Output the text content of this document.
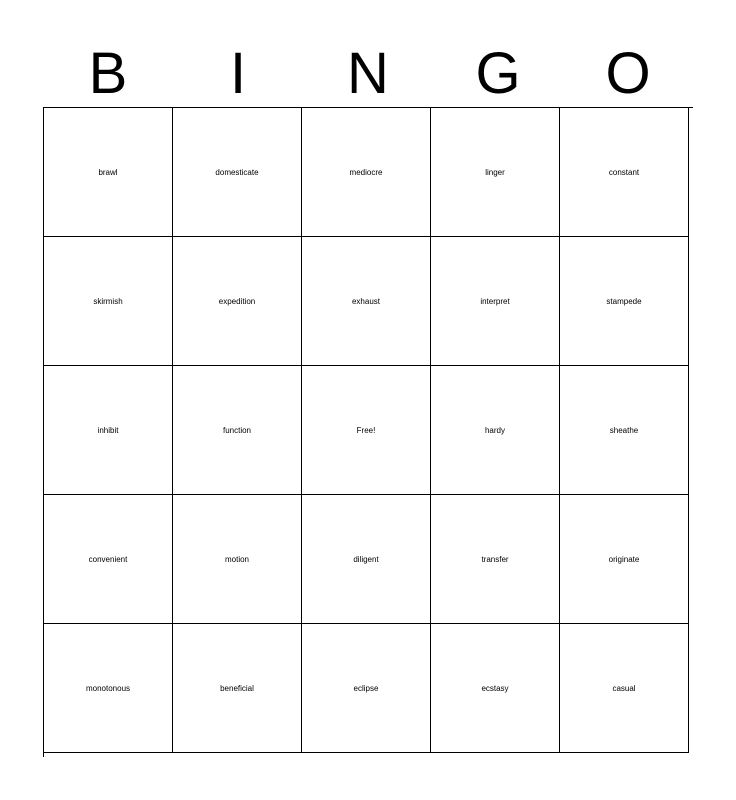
B	I	N	G	O
brawl	domesticate	mediocre	linger	constant
skirmish	expedition	exhaust	interpret	stampede
inhibit	function	Free!	hardy	sheathe
convenient	motion	diligent	transfer	originate
monotonous	beneficial	eclipse	ecstasy	casual
